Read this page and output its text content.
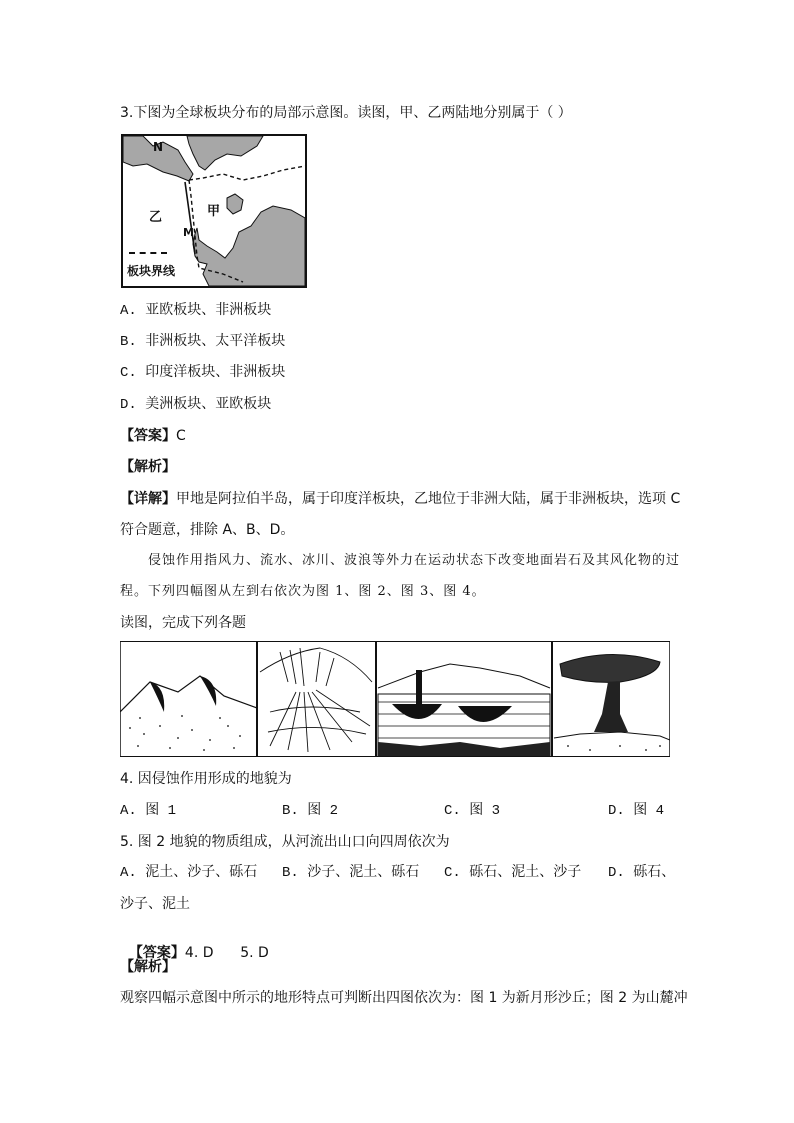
3.下图为全球板块分布的局部示意图。读图，甲、乙两陆地分别属于（ ）
N
M
甲
乙
板块界线
A. 亚欧板块、非洲板块
B. 非洲板块、太平洋板块
C. 印度洋板块、非洲板块
D. 美洲板块、亚欧板块
【答案】C
【解析】
【详解】甲地是阿拉伯半岛，属于印度洋板块，乙地位于非洲大陆，属于非洲板块，选项 C
符合题意，排除 A、B、D。
侵蚀作用指风力、流水、冰川、波浪等外力在运动状态下改变地面岩石及其风化物的过
程。下列四幅图从左到右依次为图 1、图 2、图 3、图 4。
读图，完成下列各题
4. 因侵蚀作用形成的地貌为
A. 图 1	B. 图 2	C. 图 3	D. 图 4
5. 图 2 地貌的物质组成，从河流出山口向四周依次为
A. 泥土、沙子、砾石 B. 沙子、泥土、砾石 C. 砾石、泥土、沙子 D. 砾石、
沙子、泥土

【答案】4. D      5. D

【解析】
观察四幅示意图中所示的地形特点可判断出四图依次为：图 1 为新月形沙丘；图 2 为山麓冲
